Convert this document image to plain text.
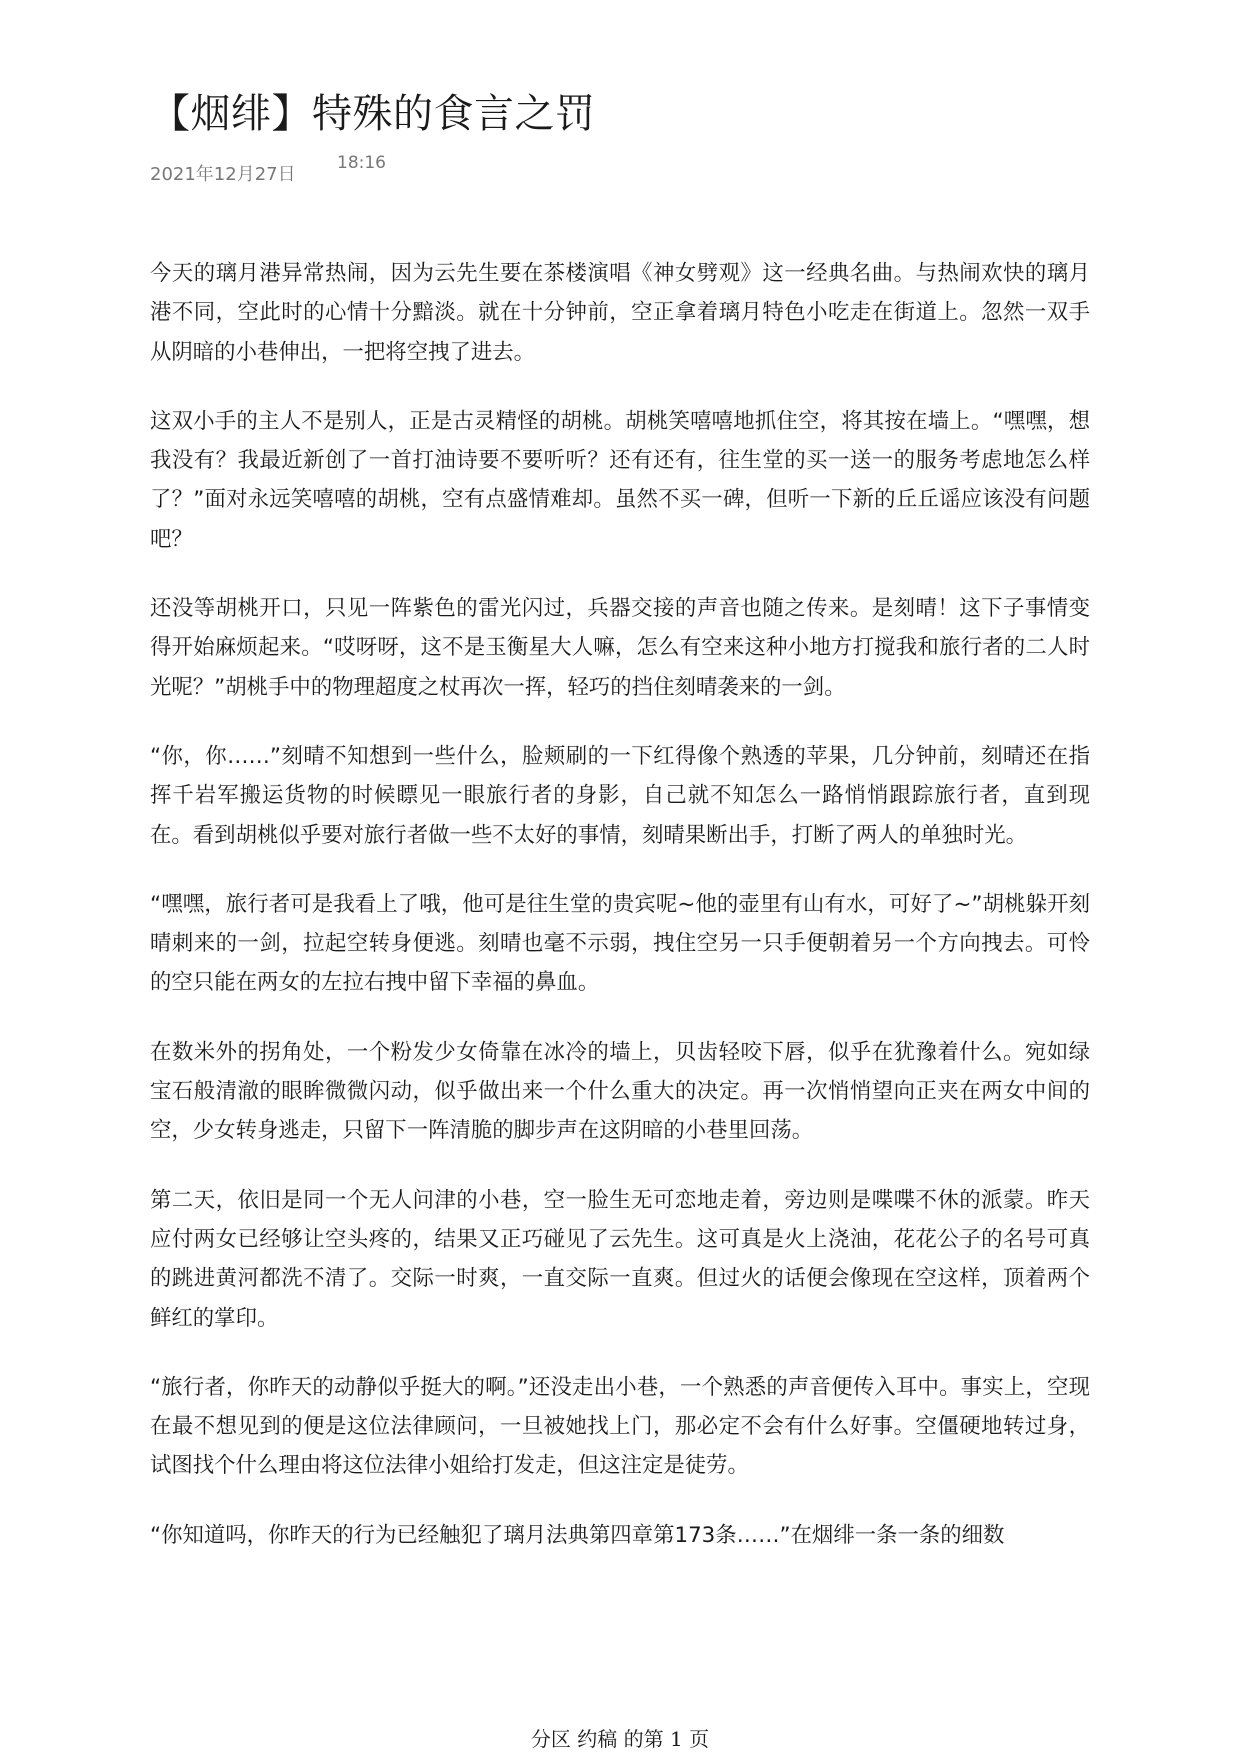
【烟绯】特殊的食言之罚
2021年12月27日
18:16

今天的璃月港异常热闹，因为云先生要在茶楼演唱《神女劈观》这一经典名曲。与热闹欢快的璃月港不同，空此时的心情十分黯淡。就在十分钟前，空正拿着璃月特色小吃走在街道上。忽然一双手从阴暗的小巷伸出，一把将空拽了进去。

这双小手的主人不是别人，正是古灵精怪的胡桃。胡桃笑嘻嘻地抓住空，将其按在墙上。“嘿嘿，想我没有？我最近新创了一首打油诗要不要听听？还有还有，往生堂的买一送一的服务考虑地怎么样了？”面对永远笑嘻嘻的胡桃，空有点盛情难却。虽然不买一碑，但听一下新的丘丘谣应该没有问题吧？

还没等胡桃开口，只见一阵紫色的雷光闪过，兵器交接的声音也随之传来。是刻晴！这下子事情变得开始麻烦起来。“哎呀呀，这不是玉衡星大人嘛，怎么有空来这种小地方打搅我和旅行者的二人时光呢？”胡桃手中的物理超度之杖再次一挥，轻巧的挡住刻晴袭来的一剑。

“你，你……”刻晴不知想到一些什么，脸颊刷的一下红得像个熟透的苹果，几分钟前，刻晴还在指挥千岩军搬运货物的时候瞟见一眼旅行者的身影，自己就不知怎么一路悄悄跟踪旅行者，直到现在。看到胡桃似乎要对旅行者做一些不太好的事情，刻晴果断出手，打断了两人的单独时光。

“嘿嘿，旅行者可是我看上了哦，他可是往生堂的贵宾呢~他的壶里有山有水，可好了~”胡桃躲开刻晴刺来的一剑，拉起空转身便逃。刻晴也毫不示弱，拽住空另一只手便朝着另一个方向拽去。可怜的空只能在两女的左拉右拽中留下幸福的鼻血。

在数米外的拐角处，一个粉发少女倚靠在冰冷的墙上，贝齿轻咬下唇，似乎在犹豫着什么。宛如绿宝石般清澈的眼眸微微闪动，似乎做出来一个什么重大的决定。再一次悄悄望向正夹在两女中间的空，少女转身逃走，只留下一阵清脆的脚步声在这阴暗的小巷里回荡。

第二天，依旧是同一个无人问津的小巷，空一脸生无可恋地走着，旁边则是喋喋不休的派蒙。昨天应付两女已经够让空头疼的，结果又正巧碰见了云先生。这可真是火上浇油，花花公子的名号可真的跳进黄河都洗不清了。交际一时爽，一直交际一直爽。但过火的话便会像现在空这样，顶着两个鲜红的掌印。

“旅行者，你昨天的动静似乎挺大的啊。”还没走出小巷，一个熟悉的声音便传入耳中。事实上，空现在最不想见到的便是这位法律顾问，一旦被她找上门，那必定不会有什么好事。空僵硬地转过身，试图找个什么理由将这位法律小姐给打发走，但这注定是徒劳。

“你知道吗，你昨天的行为已经触犯了璃月法典第四章第173条……”在烟绯一条一条的细数

分区 约稿 的第 1 页
